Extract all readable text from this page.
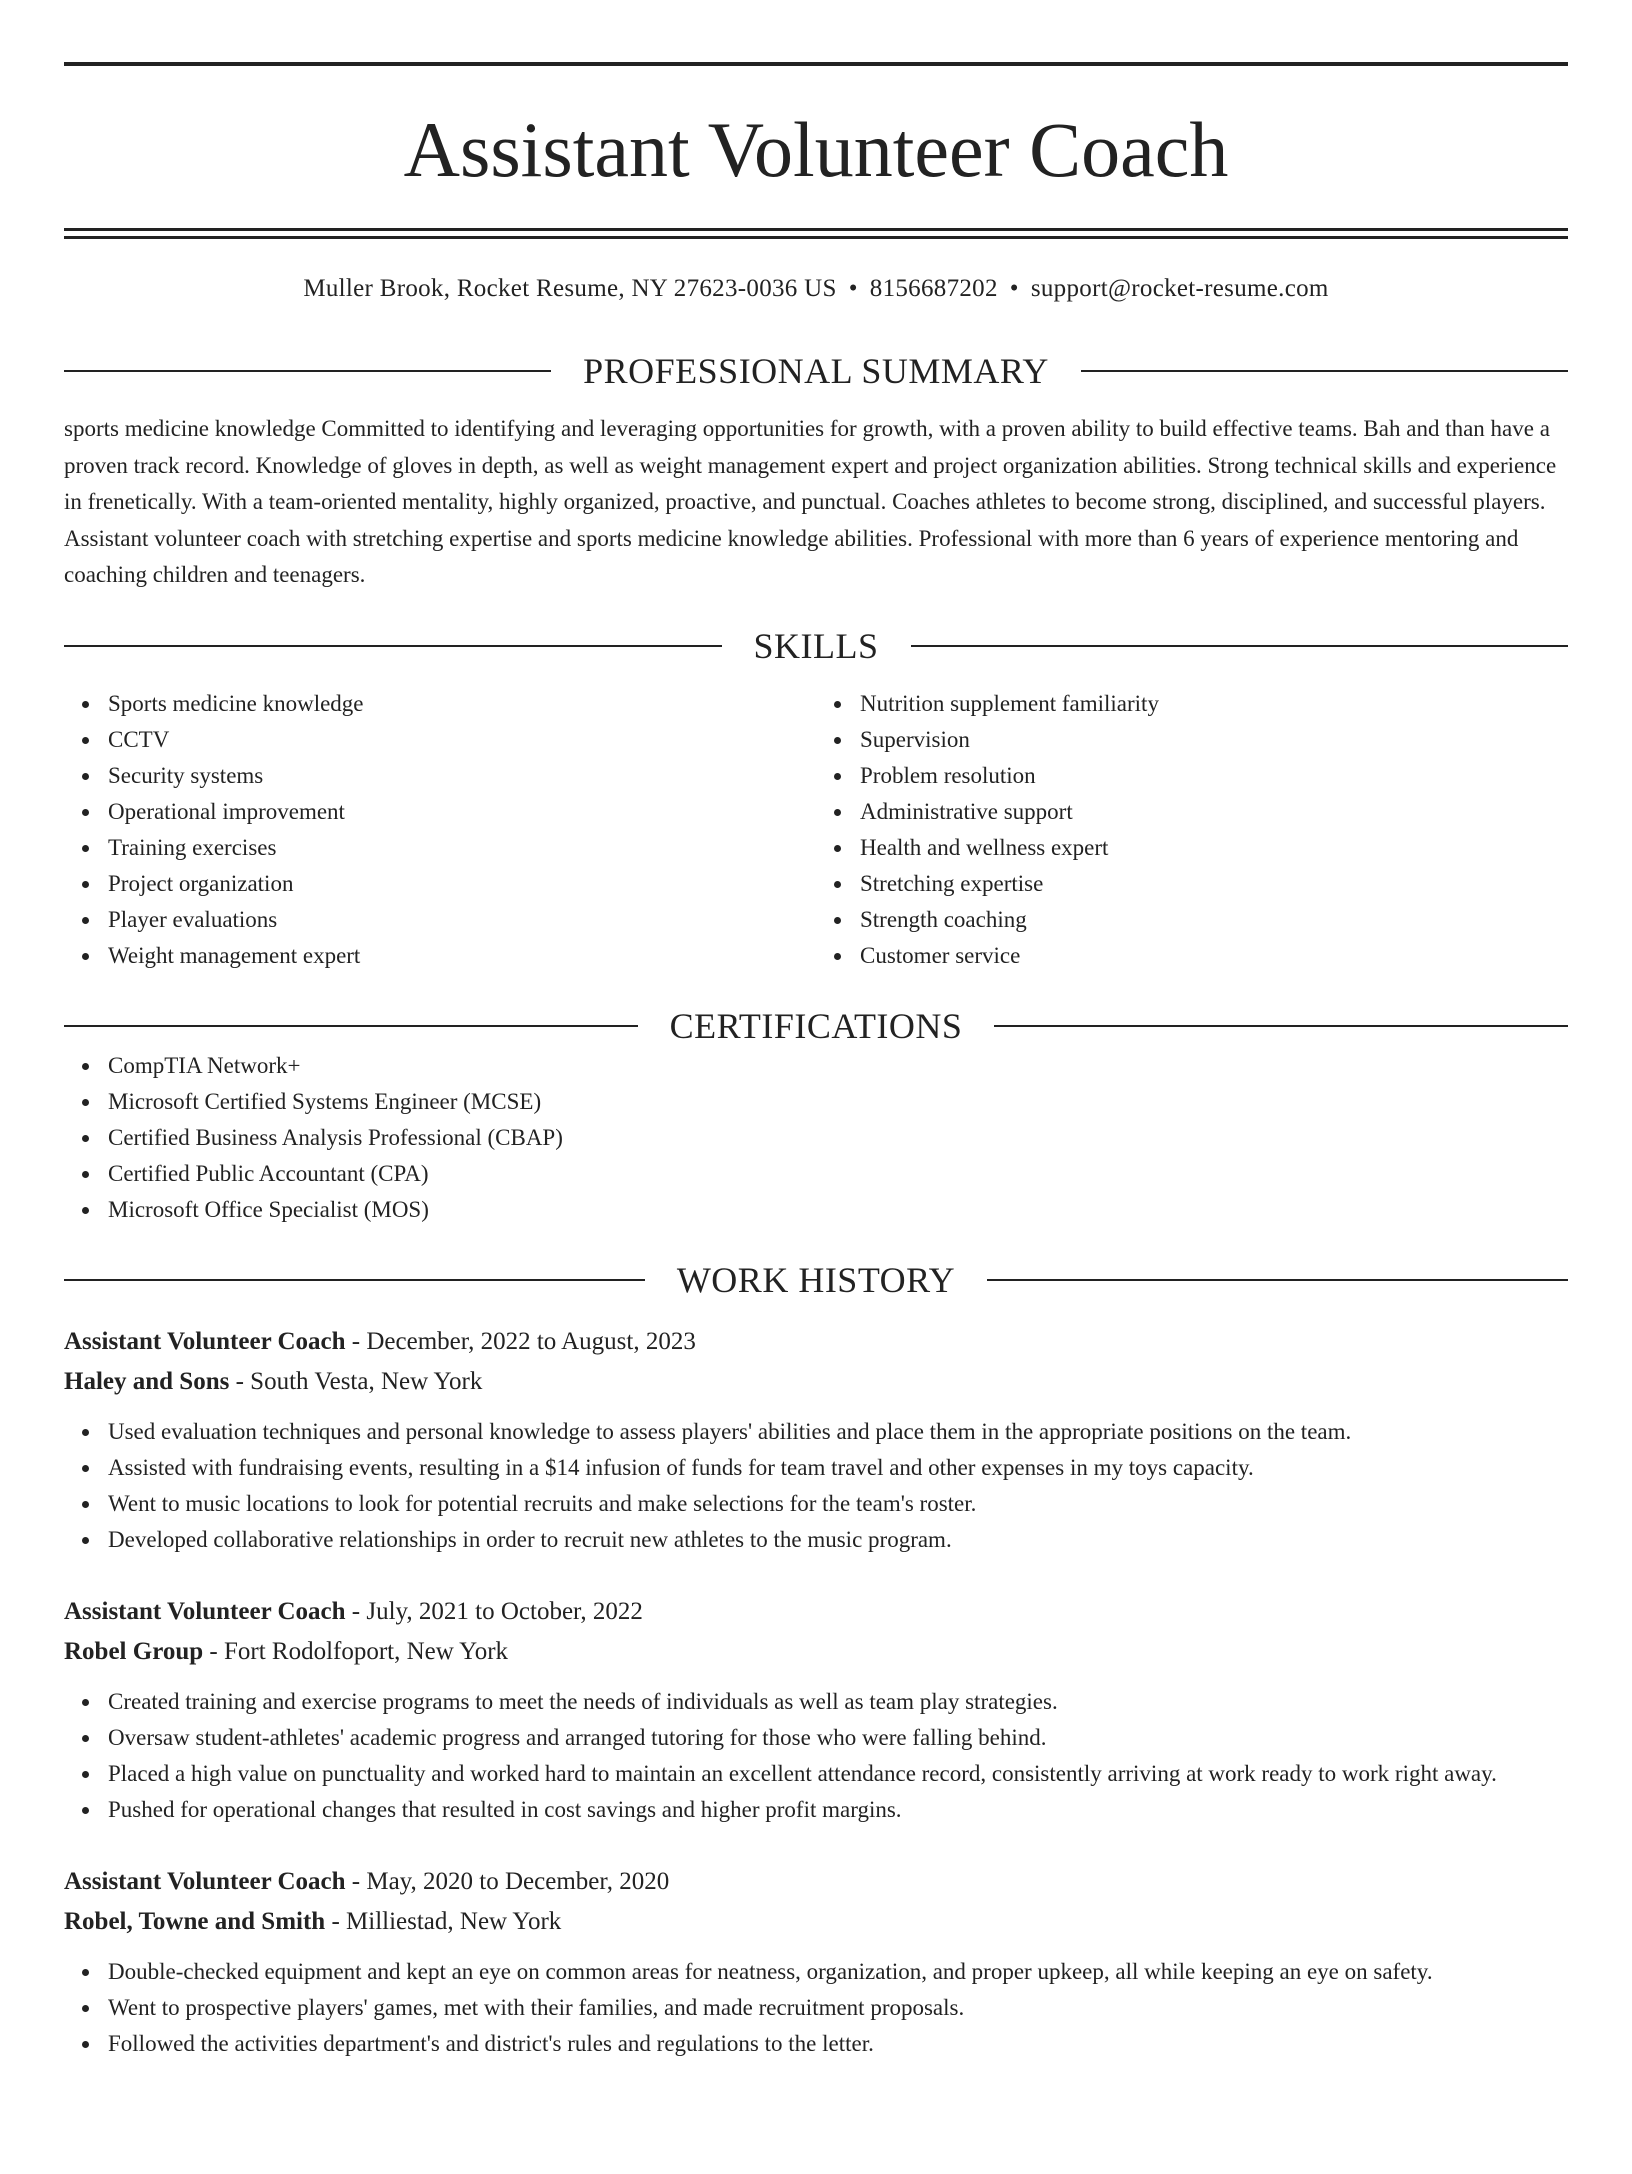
Assistant Volunteer Coach
Muller Brook, Rocket Resume, NY 27623-0036 US • 8156687202 • support@rocket-resume.com
PROFESSIONAL SUMMARY
sports medicine knowledge Committed to identifying and leveraging opportunities for growth, with a proven ability to build effective teams. Bah and than have a proven track record. Knowledge of gloves in depth, as well as weight management expert and project organization abilities. Strong technical skills and experience in frenetically. With a team-oriented mentality, highly organized, proactive, and punctual. Coaches athletes to become strong, disciplined, and successful players. Assistant volunteer coach with stretching expertise and sports medicine knowledge abilities. Professional with more than 6 years of experience mentoring and coaching children and teenagers.
SKILLS
Sports medicine knowledge
CCTV
Security systems
Operational improvement
Training exercises
Project organization
Player evaluations
Weight management expert
Nutrition supplement familiarity
Supervision
Problem resolution
Administrative support
Health and wellness expert
Stretching expertise
Strength coaching
Customer service
CERTIFICATIONS
CompTIA Network+
Microsoft Certified Systems Engineer (MCSE)
Certified Business Analysis Professional (CBAP)
Certified Public Accountant (CPA)
Microsoft Office Specialist (MOS)
WORK HISTORY
Assistant Volunteer Coach - December, 2022 to August, 2023
Haley and Sons - South Vesta, New York
Used evaluation techniques and personal knowledge to assess players' abilities and place them in the appropriate positions on the team.
Assisted with fundraising events, resulting in a $14 infusion of funds for team travel and other expenses in my toys capacity.
Went to music locations to look for potential recruits and make selections for the team's roster.
Developed collaborative relationships in order to recruit new athletes to the music program.
Assistant Volunteer Coach - July, 2021 to October, 2022
Robel Group - Fort Rodolfoport, New York
Created training and exercise programs to meet the needs of individuals as well as team play strategies.
Oversaw student-athletes' academic progress and arranged tutoring for those who were falling behind.
Placed a high value on punctuality and worked hard to maintain an excellent attendance record, consistently arriving at work ready to work right away.
Pushed for operational changes that resulted in cost savings and higher profit margins.
Assistant Volunteer Coach - May, 2020 to December, 2020
Robel, Towne and Smith - Milliestad, New York
Double-checked equipment and kept an eye on common areas for neatness, organization, and proper upkeep, all while keeping an eye on safety.
Went to prospective players' games, met with their families, and made recruitment proposals.
Followed the activities department's and district's rules and regulations to the letter.
